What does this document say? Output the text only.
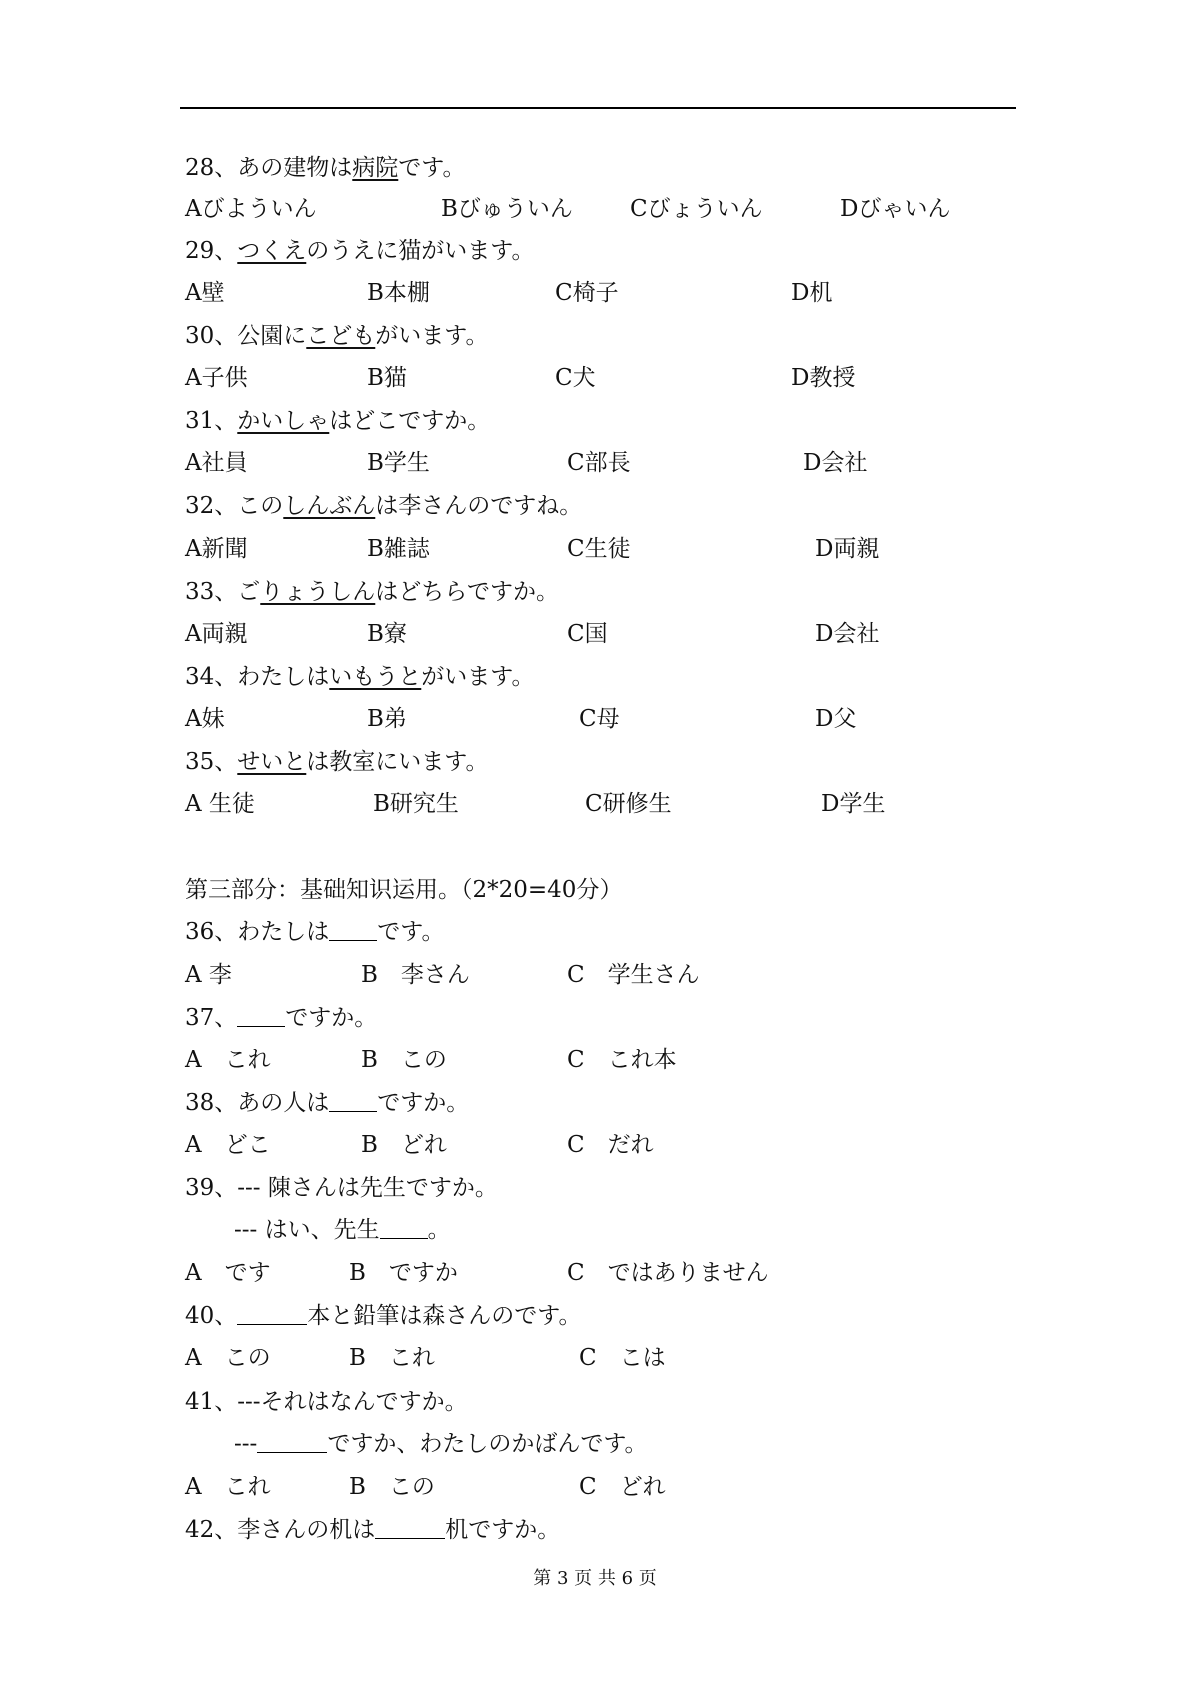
28、あの建物は病院です。
Aびよういん	Bびゅういん Cびょういん	Dびゃいん
29、つくえのうえに猫がいます。
A壁	B本棚	C椅子	D机
30、公園にこどもがいます。
A子供	B猫	C犬	D教授
31、かいしゃはどこですか。
A社員	B学生	C部長	D会社
32、このしんぶんは李さんのですね。
A新聞	B雑誌	C生徒	D両親
33、ごりょうしんはどちらですか。
A両親	B寮	C国	D会社
34、わたしはいもうとがいます。
A妹	B弟	C母	D父
35、せいとは教室にいます。
A 生徒	B研究生	C研修生	D学生
第三部分：基础知识运用。（2*20=40分）
36、わたしは です。
A 李	B　李さん	C　学生さん
37、 ですか。
A　これ	B　この	C　これ本
38、あの人は ですか。
A　どこ	B　どれ	C　だれ
39、--- 陳さんは先生ですか。
--- はい、先生 。
A　です	B　ですか	C　ではありません
40、	本と鉛筆は森さんのです。
A　この	B　これ	C　こは
41、---それはなんですか。
---	ですか、わたしのかばんです。
A　これ	B　この	C　どれ
42、李さんの机は	机ですか。
第 3 页 共 6 页
